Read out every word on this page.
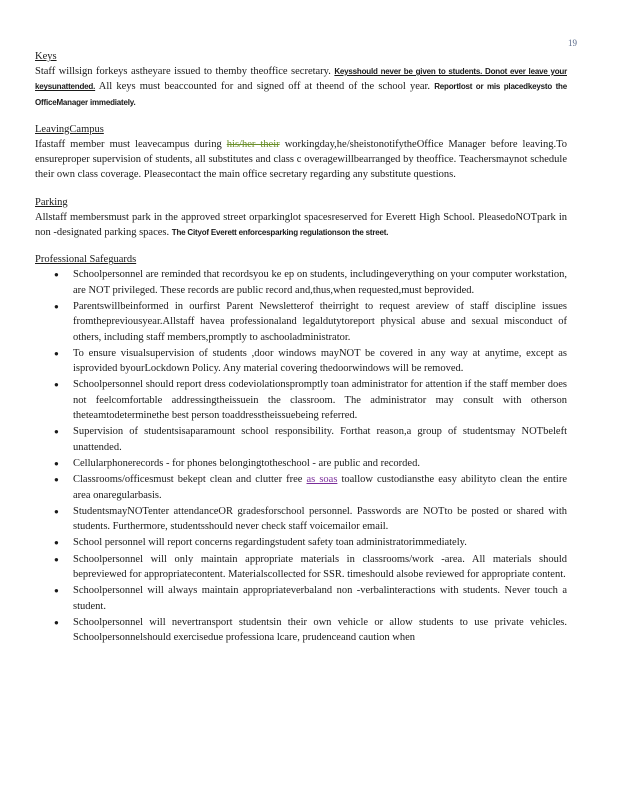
19
Keys
Staff willsign forkeys astheyare issued to themby theoffice secretary. Keysshould never be given to students. Donot ever leave your keysunattended. All keys must beaccounted for and signed off at theend of the school year. Reportlost or mis placedkeysto the OfficeManager immediately.
LeavingCampus
Ifastaff member must leavecampus during his/her their workingday,he/sheistonotifytheOffice Manager before leaving.To ensureproper supervision of students, all substitutes and class c overagewillbearranged by theoffice. Teachersmaynot schedule their own class coverage. Pleasecontact the main office secretary regarding any substitute questions.
Parking
Allstaff membersmust park in the approved street orparkinglot spacesreserved for Everett High School. PleasedoNOTpark in non -designated parking spaces. The Cityof Everett enforcesparking regulationson the street.
Professional Safeguards
● Schoolpersonnel are reminded that recordsyou ke ep on students, includingeverything on your computer workstation, are NOT privileged. These records are public record and,thus,when requested,must beprovided.
● Parentswillbeinformed in ourfirst Parent Newsletterof theirright to request areview of staff discipline issues fromthepreviousyear.Allstaff havea professionaland legaldutytoreport physical abuse and sexual misconduct of others, including staff members,promptly to aschooladministrator.
● To ensure visualsupervision of students ,door windows mayNOT be covered in any way at anytime, except as isprovided byourLockdown Policy. Any material covering thedoorwindows will be removed.
● Schoolpersonnel should report dress codeviolationspromptly toan administrator for attention if the staff member does not feelcomfortable addressingtheissuein the classroom. The administrator may consult with otherson theteamtodeterminethe best person toaddresstheissuebeing referred.
● Supervision of studentsisaparamount school responsibility. Forthat reason,a group of studentsmay NOTbeleft unattended.
● Cellularphonerecords - for phones belongingtotheschool - are public and recorded.
● Classrooms/officesmust bekept clean and clutter free as soas toallow custodiansthe easy abilityto clean the entire area onaregularbasis.
● StudentsmayNOTenter attendanceOR gradesforschool personnel. Passwords are NOTto be posted or shared with students. Furthermore, studentsshould never check staff voicemailor email.
● School personnel will report concerns regardingstudent safety toan administratorimmediately.
● Schoolpersonnel will only maintain appropriate materials in classrooms/work -area. All materials should bepreviewed for appropriatecontent. Materialscollected for SSR. timeshould alsobe reviewed for appropriate content.
● Schoolpersonnel will always maintain appropriateverbaland non -verbalinteractions with students. Never touch a student.
● Schoolpersonnel will nevertransport studentsin their own vehicle or allow students to use private vehicles. Schoolpersonnelshould exercisedue professiona lcare, prudenceand caution when
